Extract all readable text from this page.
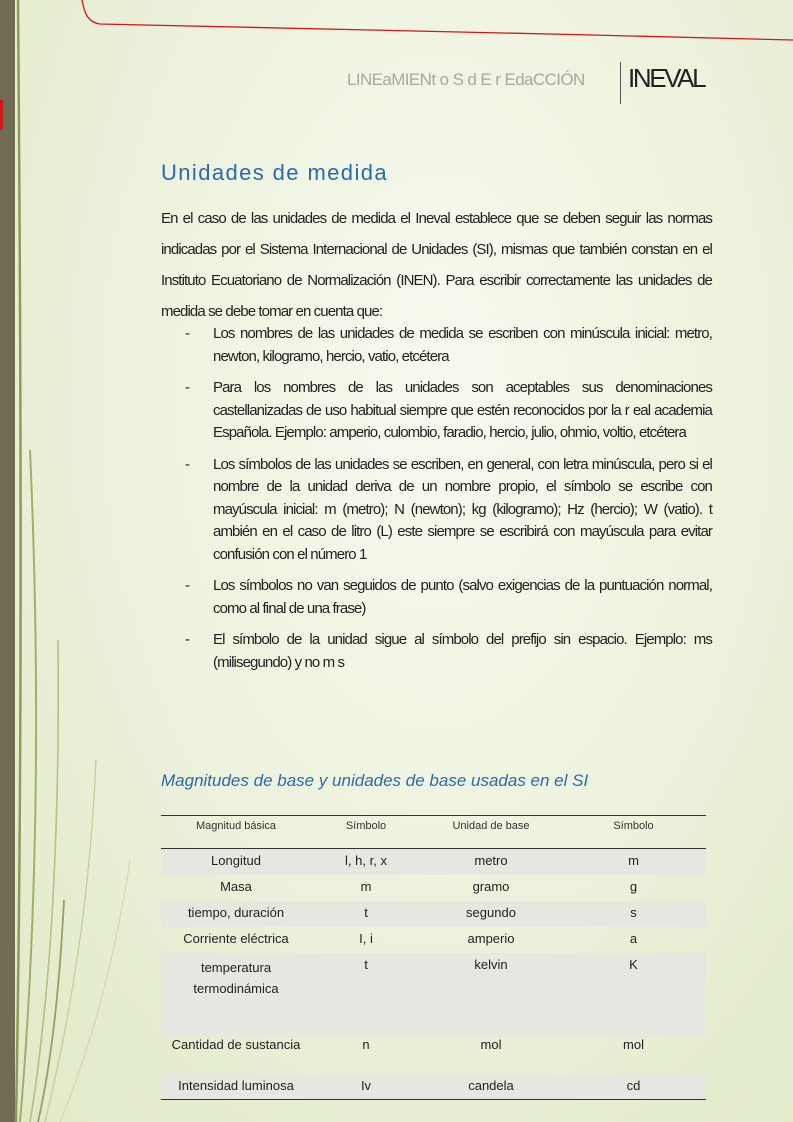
LINEaMIENt o S d E r EdaCCIÓN INEVAL
Unidades de medida
En el caso de las unidades de medida el Ineval establece que se deben seguir las normas indicadas por el Sistema Internacional de Unidades (SI), mismas que también constan en el Instituto Ecuatoriano de Normalización (INEN). Para escribir correctamente las unidades de medida se debe tomar en cuenta que:
- Los nombres de las unidades de medida se escriben con minúscula inicial: metro, newton, kilogramo, hercio, vatio, etcétera
- Para los nombres de las unidades son aceptables sus denominaciones castellanizadas de uso habitual siempre que estén reconocidos por la r eal academia Española. Ejemplo: amperio, culombio, faradio, hercio, julio, ohmio, voltio, etcétera
- Los símbolos de las unidades se escriben, en general, con letra minúscula, pero si el nombre de la unidad deriva de un nombre propio, el símbolo se escribe con mayúscula inicial: m (metro); N (newton); kg (kilogramo); Hz (hercio); W (vatio). t ambién en el caso de litro (L) este siempre se escribirá con mayúscula para evitar confusión con el número 1
- Los símbolos no van seguidos de punto (salvo exigencias de la puntuación normal, como al final de una frase)
- El símbolo de la unidad sigue al símbolo del prefijo sin espacio. Ejemplo: ms (milisegundo) y no m s
Magnitudes de base y unidades de base usadas en el SI
Magnitud básica	Símbolo	Unidad de base	Símbolo
Longitud	l, h, r, x	metro	m
Masa	m	gramo	g
tiempo, duración	t	segundo	s
Corriente eléctrica	I, i	amperio	a
temperatura termodinámica	t	kelvin	K
Cantidad de sustancia	n	mol	mol
Intensidad luminosa	Iv	candela	cd
